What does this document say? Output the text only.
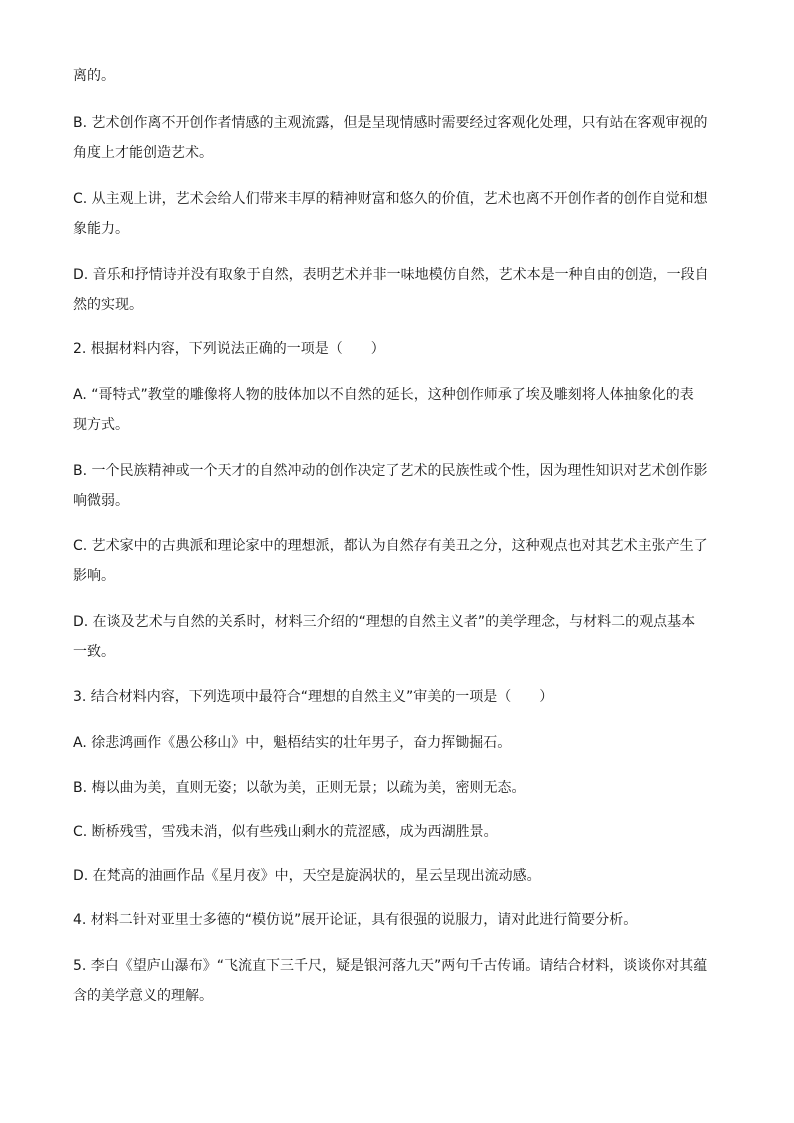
离的。
B. 艺术创作离不开创作者情感的主观流露，但是呈现情感时需要经过客观化处理，只有站在客观审视的
角度上才能创造艺术。
C. 从主观上讲，艺术会给人们带来丰厚的精神财富和悠久的价值，艺术也离不开创作者的创作自觉和想
象能力。
D. 音乐和抒情诗并没有取象于自然，表明艺术并非一味地模仿自然，艺术本是一种自由的创造，一段自
然的实现。
2. 根据材料内容，下列说法正确的一项是（　　）
A. “哥特式”教堂的雕像将人物的肢体加以不自然的延长，这种创作师承了埃及雕刻将人体抽象化的表
现方式。
B. 一个民族精神或一个天才的自然冲动的创作决定了艺术的民族性或个性，因为理性知识对艺术创作影
响微弱。
C. 艺术家中的古典派和理论家中的理想派，都认为自然存有美丑之分，这种观点也对其艺术主张产生了
影响。
D. 在谈及艺术与自然的关系时，材料三介绍的“理想的自然主义者”的美学理念，与材料二的观点基本
一致。
3. 结合材料内容，下列选项中最符合“理想的自然主义”审美的一项是（　　）
A. 徐悲鸿画作《愚公移山》中，魁梧结实的壮年男子，奋力挥锄掘石。
B. 梅以曲为美，直则无姿；以欹为美，正则无景；以疏为美，密则无态。
C. 断桥残雪，雪残未消，似有些残山剩水的荒涩感，成为西湖胜景。
D. 在梵高的油画作品《星月夜》中，天空是旋涡状的，星云呈现出流动感。
4. 材料二针对亚里士多德的“模仿说”展开论证，具有很强的说服力，请对此进行简要分析。
5. 李白《望庐山瀑布》“飞流直下三千尺，疑是银河落九天”两句千古传诵。请结合材料，谈谈你对其蕴
含的美学意义的理解。
